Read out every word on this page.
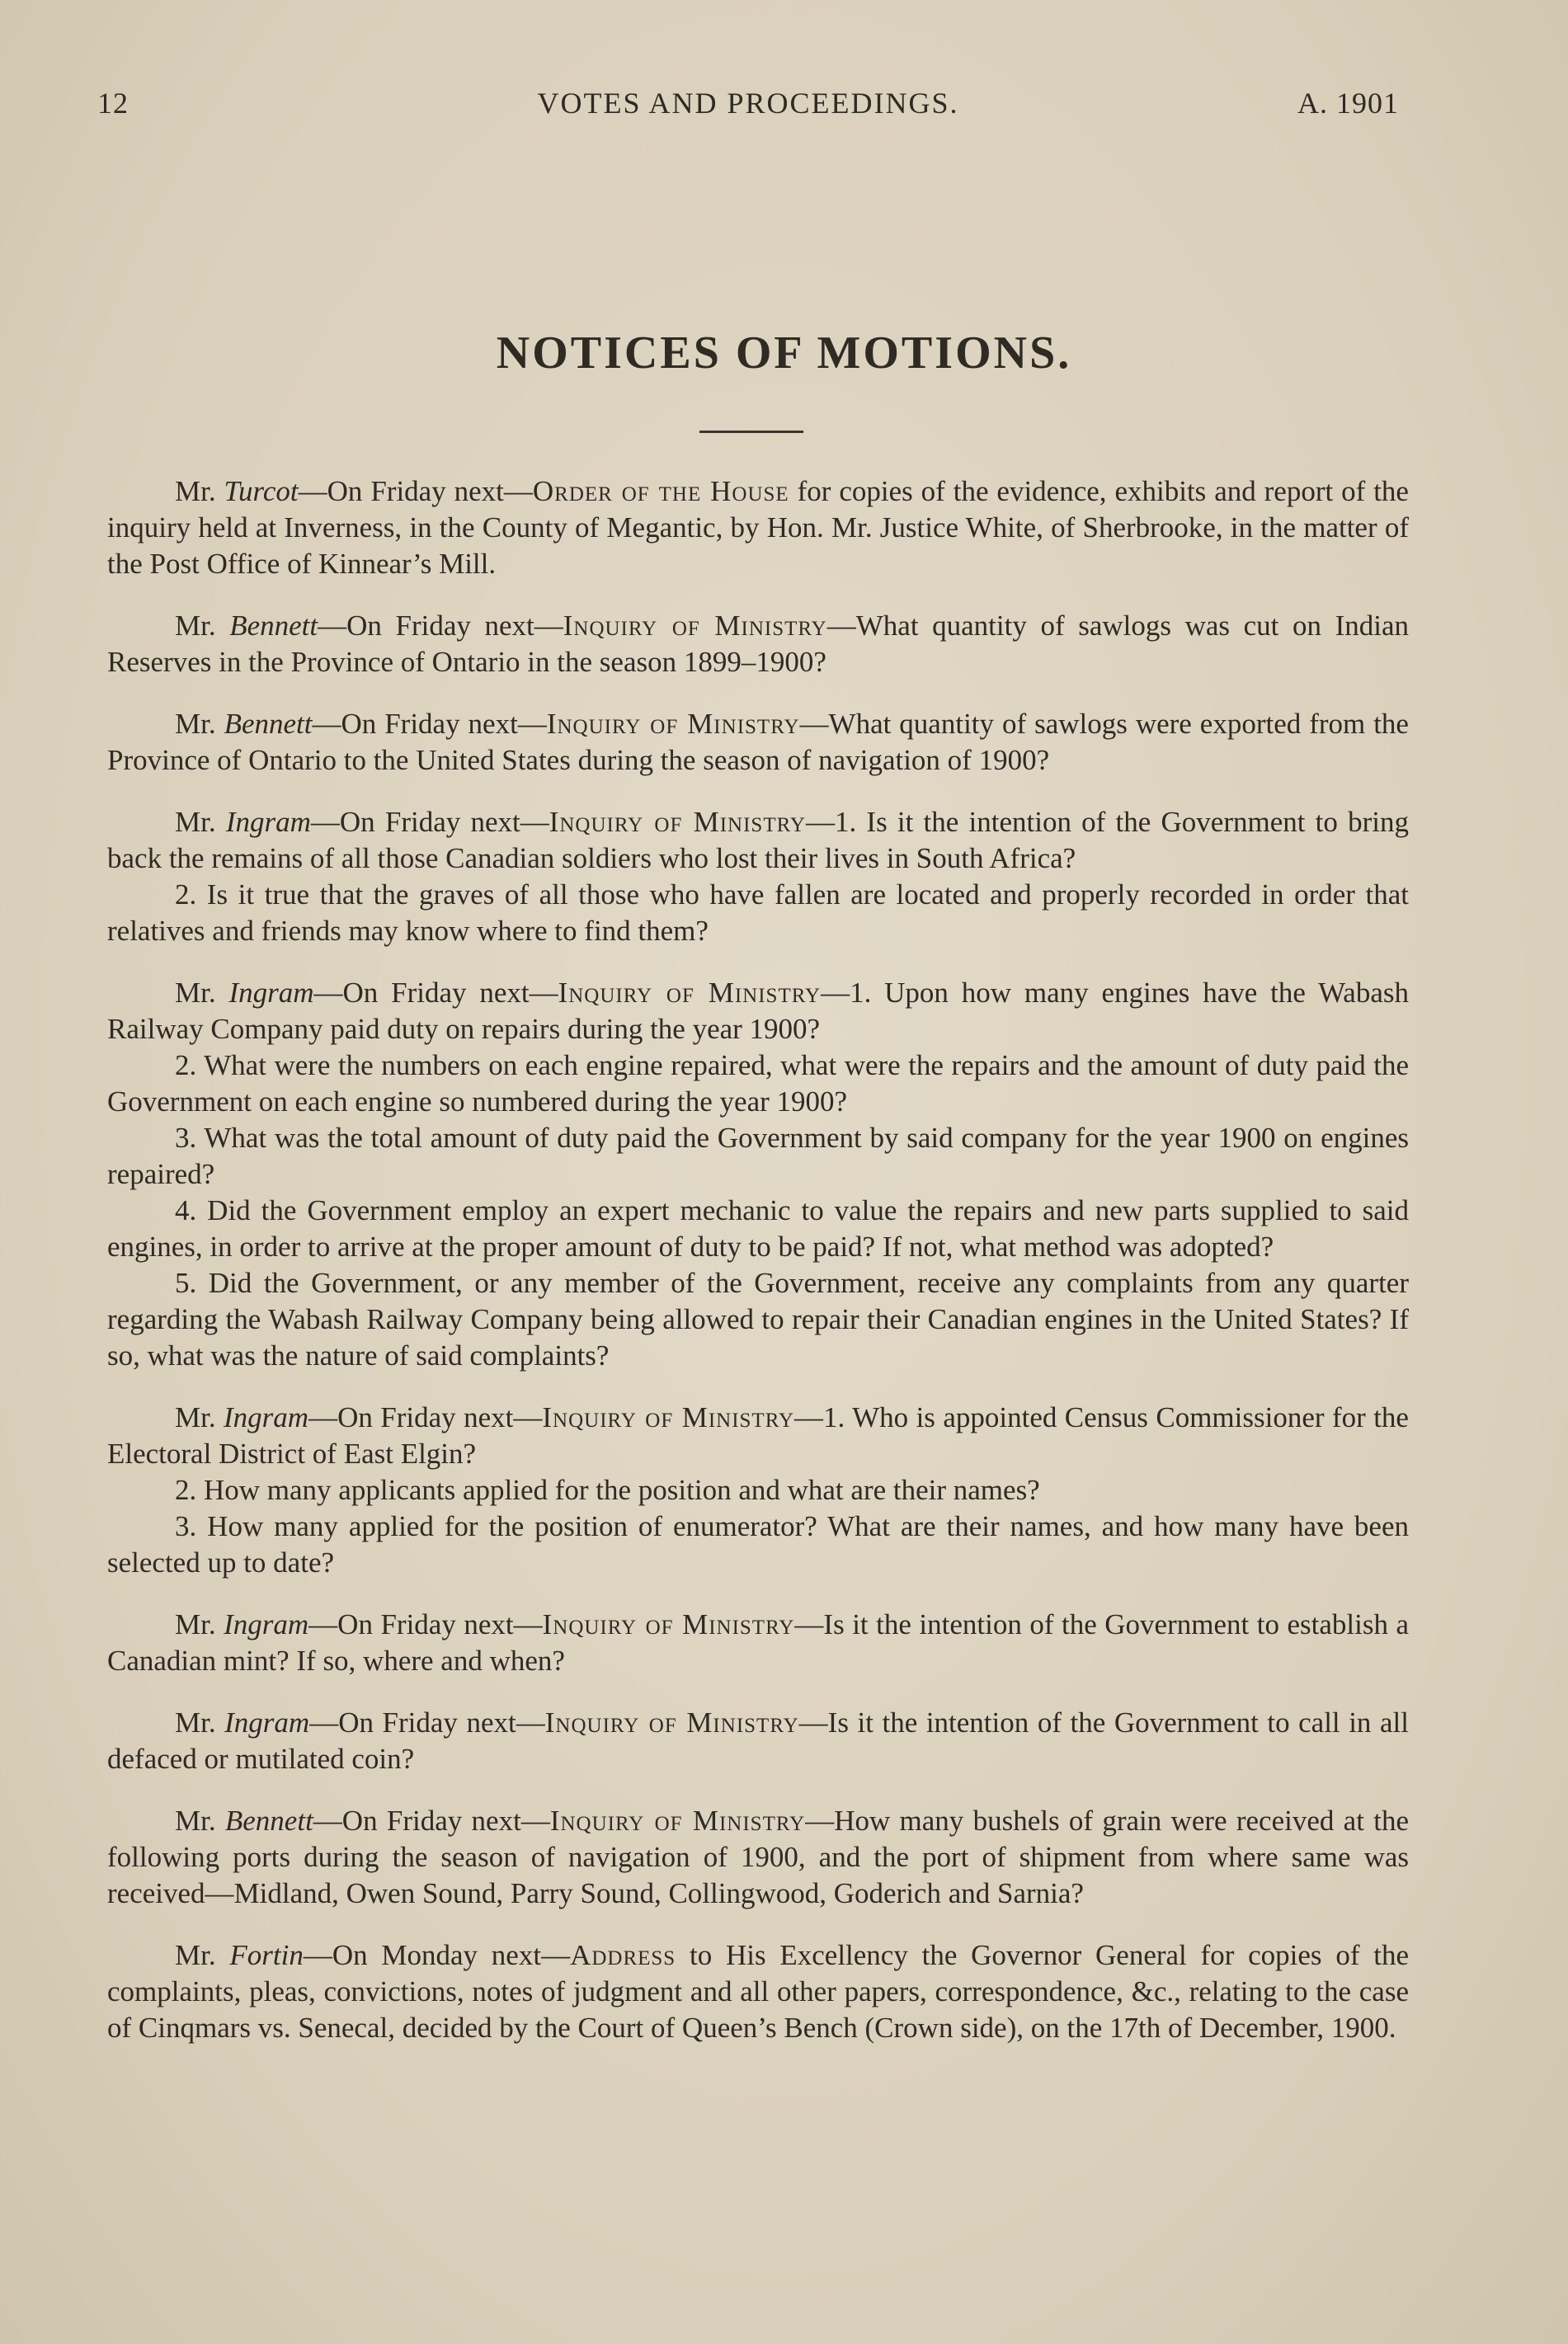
12	VOTES AND PROCEEDINGS.	A. 1901
NOTICES OF MOTIONS.

Mr. Turcot—On Friday next—Order of the House for copies of the evidence, exhibits and report of the inquiry held at Inverness, in the County of Megantic, by Hon. Mr. Justice White, of Sherbrooke, in the matter of the Post Office of Kinnear’s Mill.

Mr. Bennett—On Friday next—Inquiry of Ministry—What quantity of sawlogs was cut on Indian Reserves in the Province of Ontario in the season 1899–1900?

Mr. Bennett—On Friday next—Inquiry of Ministry—What quantity of sawlogs were exported from the Province of Ontario to the United States during the season of navigation of 1900?

Mr. Ingram—On Friday next—Inquiry of Ministry—1. Is it the intention of the Government to bring back the remains of all those Canadian soldiers who lost their lives in South Africa?

2. Is it true that the graves of all those who have fallen are located and properly recorded in order that relatives and friends may know where to find them?

Mr. Ingram—On Friday next—Inquiry of Ministry—1. Upon how many engines have the Wabash Railway Company paid duty on repairs during the year 1900?

2. What were the numbers on each engine repaired, what were the repairs and the amount of duty paid the Government on each engine so numbered during the year 1900?

3. What was the total amount of duty paid the Government by said company for the year 1900 on engines repaired?

4. Did the Government employ an expert mechanic to value the repairs and new parts supplied to said engines, in order to arrive at the proper amount of duty to be paid? If not, what method was adopted?

5. Did the Government, or any member of the Government, receive any complaints from any quarter regarding the Wabash Railway Company being allowed to repair their Canadian engines in the United States? If so, what was the nature of said complaints?

Mr. Ingram—On Friday next—Inquiry of Ministry—1. Who is appointed Census Commissioner for the Electoral District of East Elgin?

2. How many applicants applied for the position and what are their names?

3. How many applied for the position of enumerator? What are their names, and how many have been selected up to date?

Mr. Ingram—On Friday next—Inquiry of Ministry—Is it the intention of the Government to establish a Canadian mint? If so, where and when?

Mr. Ingram—On Friday next—Inquiry of Ministry—Is it the intention of the Government to call in all defaced or mutilated coin?

Mr. Bennett—On Friday next—Inquiry of Ministry—How many bushels of grain were received at the following ports during the season of navigation of 1900, and the port of shipment from where same was received—Midland, Owen Sound, Parry Sound, Collingwood, Goderich and Sarnia?

Mr. Fortin—On Monday next—Address to His Excellency the Governor General for copies of the complaints, pleas, convictions, notes of judgment and all other papers, correspondence, &c., relating to the case of Cinqmars vs. Senecal, decided by the Court of Queen’s Bench (Crown side), on the 17th of December, 1900.
